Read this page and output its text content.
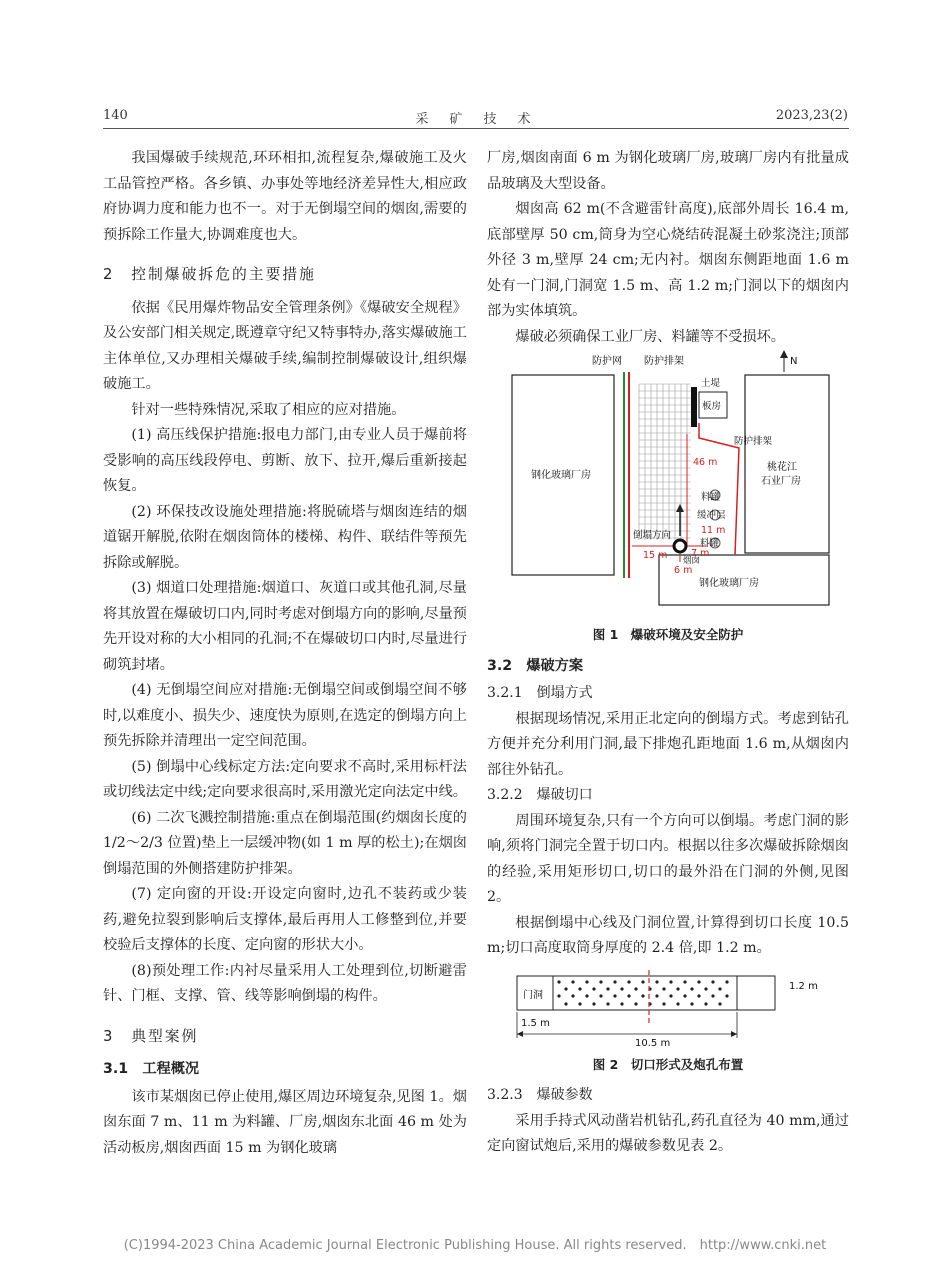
140	采　矿　技　术	2023,23(2)

我国爆破手续规范,环环相扣,流程复杂,爆破施工及火工品管控严格。各乡镇、办事处等地经济差异性大,相应政府协调力度和能力也不一。对于无倒塌空间的烟囱,需要的预拆除工作量大,协调难度也大。

2　控制爆破拆危的主要措施

依据《民用爆炸物品安全管理条例》《爆破安全规程》及公安部门相关规定,既遵章守纪又特事特办,落实爆破施工主体单位,又办理相关爆破手续,编制控制爆破设计,组织爆破施工。

针对一些特殊情况,采取了相应的应对措施。

(1) 高压线保护措施:报电力部门,由专业人员于爆前将受影响的高压线段停电、剪断、放下、拉开,爆后重新接起恢复。

(2) 环保技改设施处理措施:将脱硫塔与烟囱连结的烟道锯开解脱,依附在烟囱筒体的楼梯、构件、联结件等预先拆除或解脱。

(3) 烟道口处理措施:烟道口、灰道口或其他孔洞,尽量将其放置在爆破切口内,同时考虑对倒塌方向的影响,尽量预先开设对称的大小相同的孔洞;不在爆破切口内时,尽量进行砌筑封堵。

(4) 无倒塌空间应对措施:无倒塌空间或倒塌空间不够时,以难度小、损失少、速度快为原则,在选定的倒塌方向上预先拆除并清理出一定空间范围。

(5) 倒塌中心线标定方法:定向要求不高时,采用标杆法或切线法定中线;定向要求很高时,采用激光定向法定中线。

(6) 二次飞溅控制措施:重点在倒塌范围(约烟囱长度的 1/2～2/3 位置)垫上一层缓冲物(如 1 m 厚的松土);在烟囱倒塌范围的外侧搭建防护排架。

(7) 定向窗的开设:开设定向窗时,边孔不装药或少装药,避免拉裂到影响后支撑体,最后再用人工修整到位,并要校验后支撑体的长度、定向窗的形状大小。

(8)预处理工作:内衬尽量采用人工处理到位,切断避雷针、门框、支撑、管、线等影响倒塌的构件。

3　典型案例
3.1　工程概况

该市某烟囱已停止使用,爆区周边环境复杂,见图 1。烟囱东面 7 m、11 m 为料罐、厂房,烟囱东北面 46 m 处为活动板房,烟囱西面 15 m 为钢化玻璃

厂房,烟囱南面 6 m 为钢化玻璃厂房,玻璃厂房内有批量成品玻璃及大型设备。

烟囱高 62 m(不含避雷针高度),底部外周长 16.4 m,底部壁厚 50 cm,筒身为空心烧结砖混凝土砂浆浇注;顶部外径 3 m,壁厚 24 cm;无内衬。烟囱东侧距地面 1.6 m 处有一门洞,门洞宽 1.5 m、高 1.2 m;门洞以下的烟囱内部为实体填筑。

爆破必须确保工业厂房、料罐等不受损坏。

防护网 防护排架	N
土堤
板房
防护排架
46 m
钢化玻璃厂房
桃花江
石业厂房
料罐
缓冲层
11 m
料罐
倒塌方向
15 m 7 m
烟囱
6 m
钢化玻璃厂房
图 1　爆破环境及安全防护
3.2　爆破方案
3.2.1　倒塌方式

根据现场情况,采用正北定向的倒塌方式。考虑到钻孔方便并充分利用门洞,最下排炮孔距地面 1.6 m,从烟囱内部往外钻孔。

3.2.2　爆破切口

周围环境复杂,只有一个方向可以倒塌。考虑门洞的影响,须将门洞完全置于切口内。根据以往多次爆破拆除烟囱的经验,采用矩形切口,切口的最外沿在门洞的外侧,见图 2。

根据倒塌中心线及门洞位置,计算得到切口长度 10.5 m;切口高度取筒身厚度的 2.4 倍,即 1.2 m。

门洞
1.2 m
1.5 m
10.5 m
图 2　切口形式及炮孔布置
3.2.3　爆破参数

采用手持式风动凿岩机钻孔,药孔直径为 40 mm,通过定向窗试炮后,采用的爆破参数见表 2。

(C)1994-2023 China Academic Journal Electronic Publishing House. All rights reserved.　http://www.cnki.net
